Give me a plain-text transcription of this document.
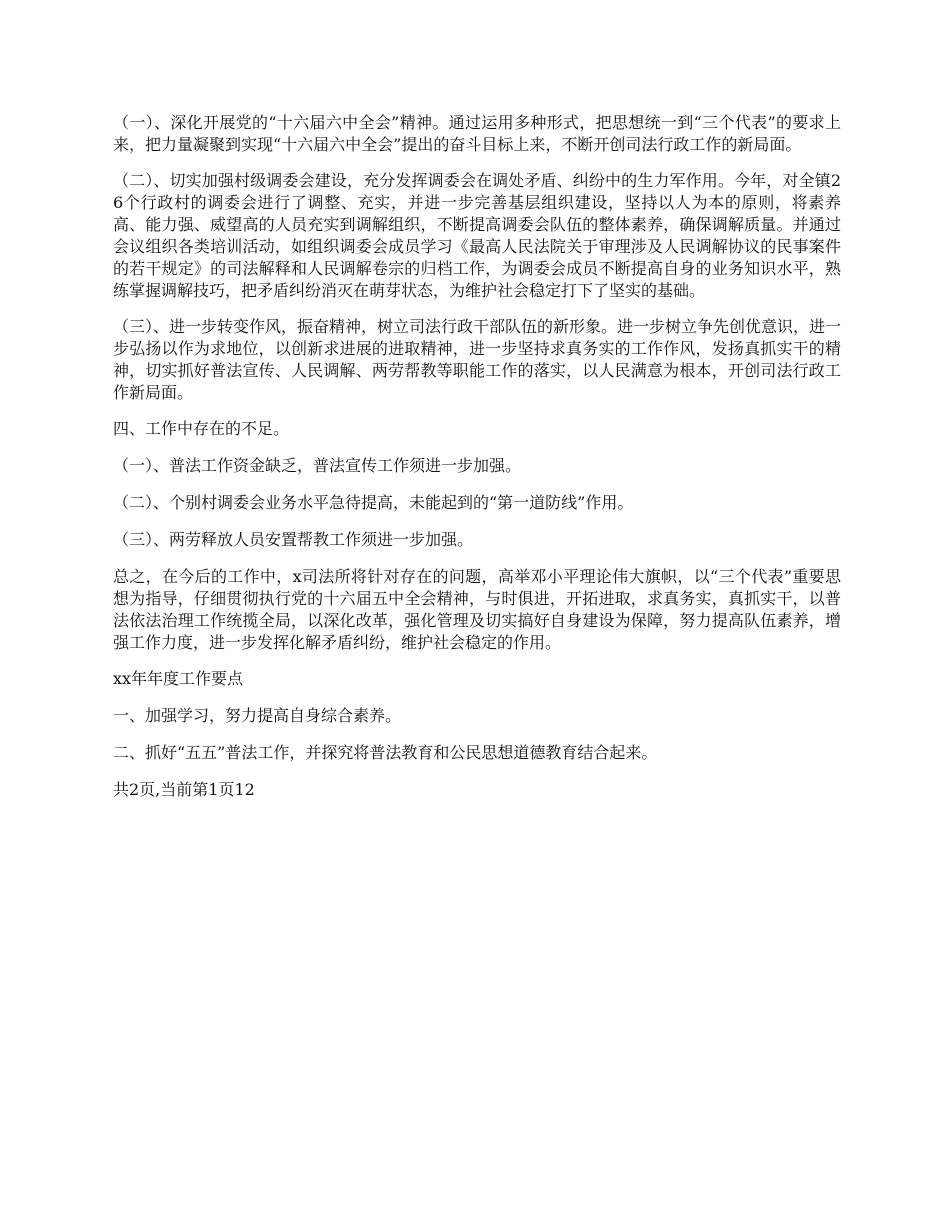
（一）、深化开展党的“十六届六中全会”精神。通过运用多种形式，把思想统一到“三个代表”的要求上来，把力量凝聚到实现“十六届六中全会”提出的奋斗目标上来，不断开创司法行政工作的新局面。

（二）、切实加强村级调委会建设，充分发挥调委会在调处矛盾、纠纷中的生力军作用。今年，对全镇26个行政村的调委会进行了调整、充实，并进一步完善基层组织建设，坚持以人为本的原则，将素养高、能力强、威望高的人员充实到调解组织，不断提高调委会队伍的整体素养，确保调解质量。并通过会议组织各类培训活动，如组织调委会成员学习《最高人民法院关于审理涉及人民调解协议的民事案件的若干规定》的司法解释和人民调解卷宗的归档工作，为调委会成员不断提高自身的业务知识水平，熟练掌握调解技巧，把矛盾纠纷消灭在萌芽状态，为维护社会稳定打下了坚实的基础。

（三）、进一步转变作风，振奋精神，树立司法行政干部队伍的新形象。进一步树立争先创优意识，进一步弘扬以作为求地位，以创新求进展的进取精神，进一步坚持求真务实的工作作风，发扬真抓实干的精神，切实抓好普法宣传、人民调解、两劳帮教等职能工作的落实，以人民满意为根本，开创司法行政工作新局面。

四、工作中存在的不足。

（一）、普法工作资金缺乏，普法宣传工作须进一步加强。

（二）、个别村调委会业务水平急待提高，未能起到的“第一道防线”作用。

（三）、两劳释放人员安置帮教工作须进一步加强。

总之，在今后的工作中，x司法所将针对存在的问题，高举邓小平理论伟大旗帜，以“三个代表”重要思想为指导，仔细贯彻执行党的十六届五中全会精神，与时俱进，开拓进取，求真务实，真抓实干，以普法依法治理工作统揽全局，以深化改革，强化管理及切实搞好自身建设为保障，努力提高队伍素养，增强工作力度，进一步发挥化解矛盾纠纷，维护社会稳定的作用。

xx年年度工作要点

一、加强学习，努力提高自身综合素养。

二、抓好“五五”普法工作，并探究将普法教育和公民思想道德教育结合起来。

共2页,当前第1页12
